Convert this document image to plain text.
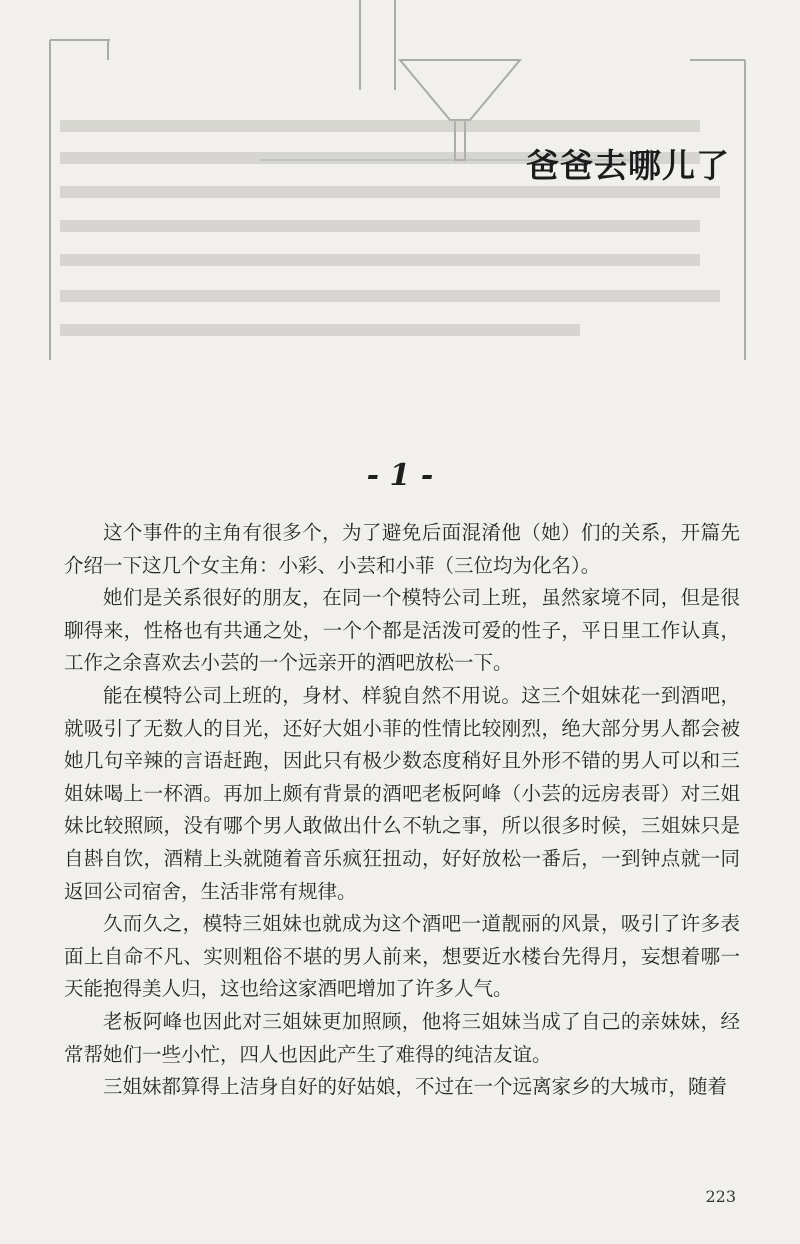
爸爸去哪儿了
- 1 -

这个事件的主角有很多个，为了避免后面混淆他（她）们的关系，开篇先介绍一下这几个女主角：小彩、小芸和小菲（三位均为化名）。

她们是关系很好的朋友，在同一个模特公司上班，虽然家境不同，但是很聊得来，性格也有共通之处，一个个都是活泼可爱的性子，平日里工作认真，工作之余喜欢去小芸的一个远亲开的酒吧放松一下。

能在模特公司上班的，身材、样貌自然不用说。这三个姐妹花一到酒吧，就吸引了无数人的目光，还好大姐小菲的性情比较刚烈，绝大部分男人都会被她几句辛辣的言语赶跑，因此只有极少数态度稍好且外形不错的男人可以和三姐妹喝上一杯酒。再加上颇有背景的酒吧老板阿峰（小芸的远房表哥）对三姐妹比较照顾，没有哪个男人敢做出什么不轨之事，所以很多时候，三姐妹只是自斟自饮，酒精上头就随着音乐疯狂扭动，好好放松一番后，一到钟点就一同返回公司宿舍，生活非常有规律。

久而久之，模特三姐妹也就成为这个酒吧一道靓丽的风景，吸引了许多表面上自命不凡、实则粗俗不堪的男人前来，想要近水楼台先得月，妄想着哪一天能抱得美人归，这也给这家酒吧增加了许多人气。

老板阿峰也因此对三姐妹更加照顾，他将三姐妹当成了自己的亲妹妹，经常帮她们一些小忙，四人也因此产生了难得的纯洁友谊。

三姐妹都算得上洁身自好的好姑娘，不过在一个远离家乡的大城市，随着

223
